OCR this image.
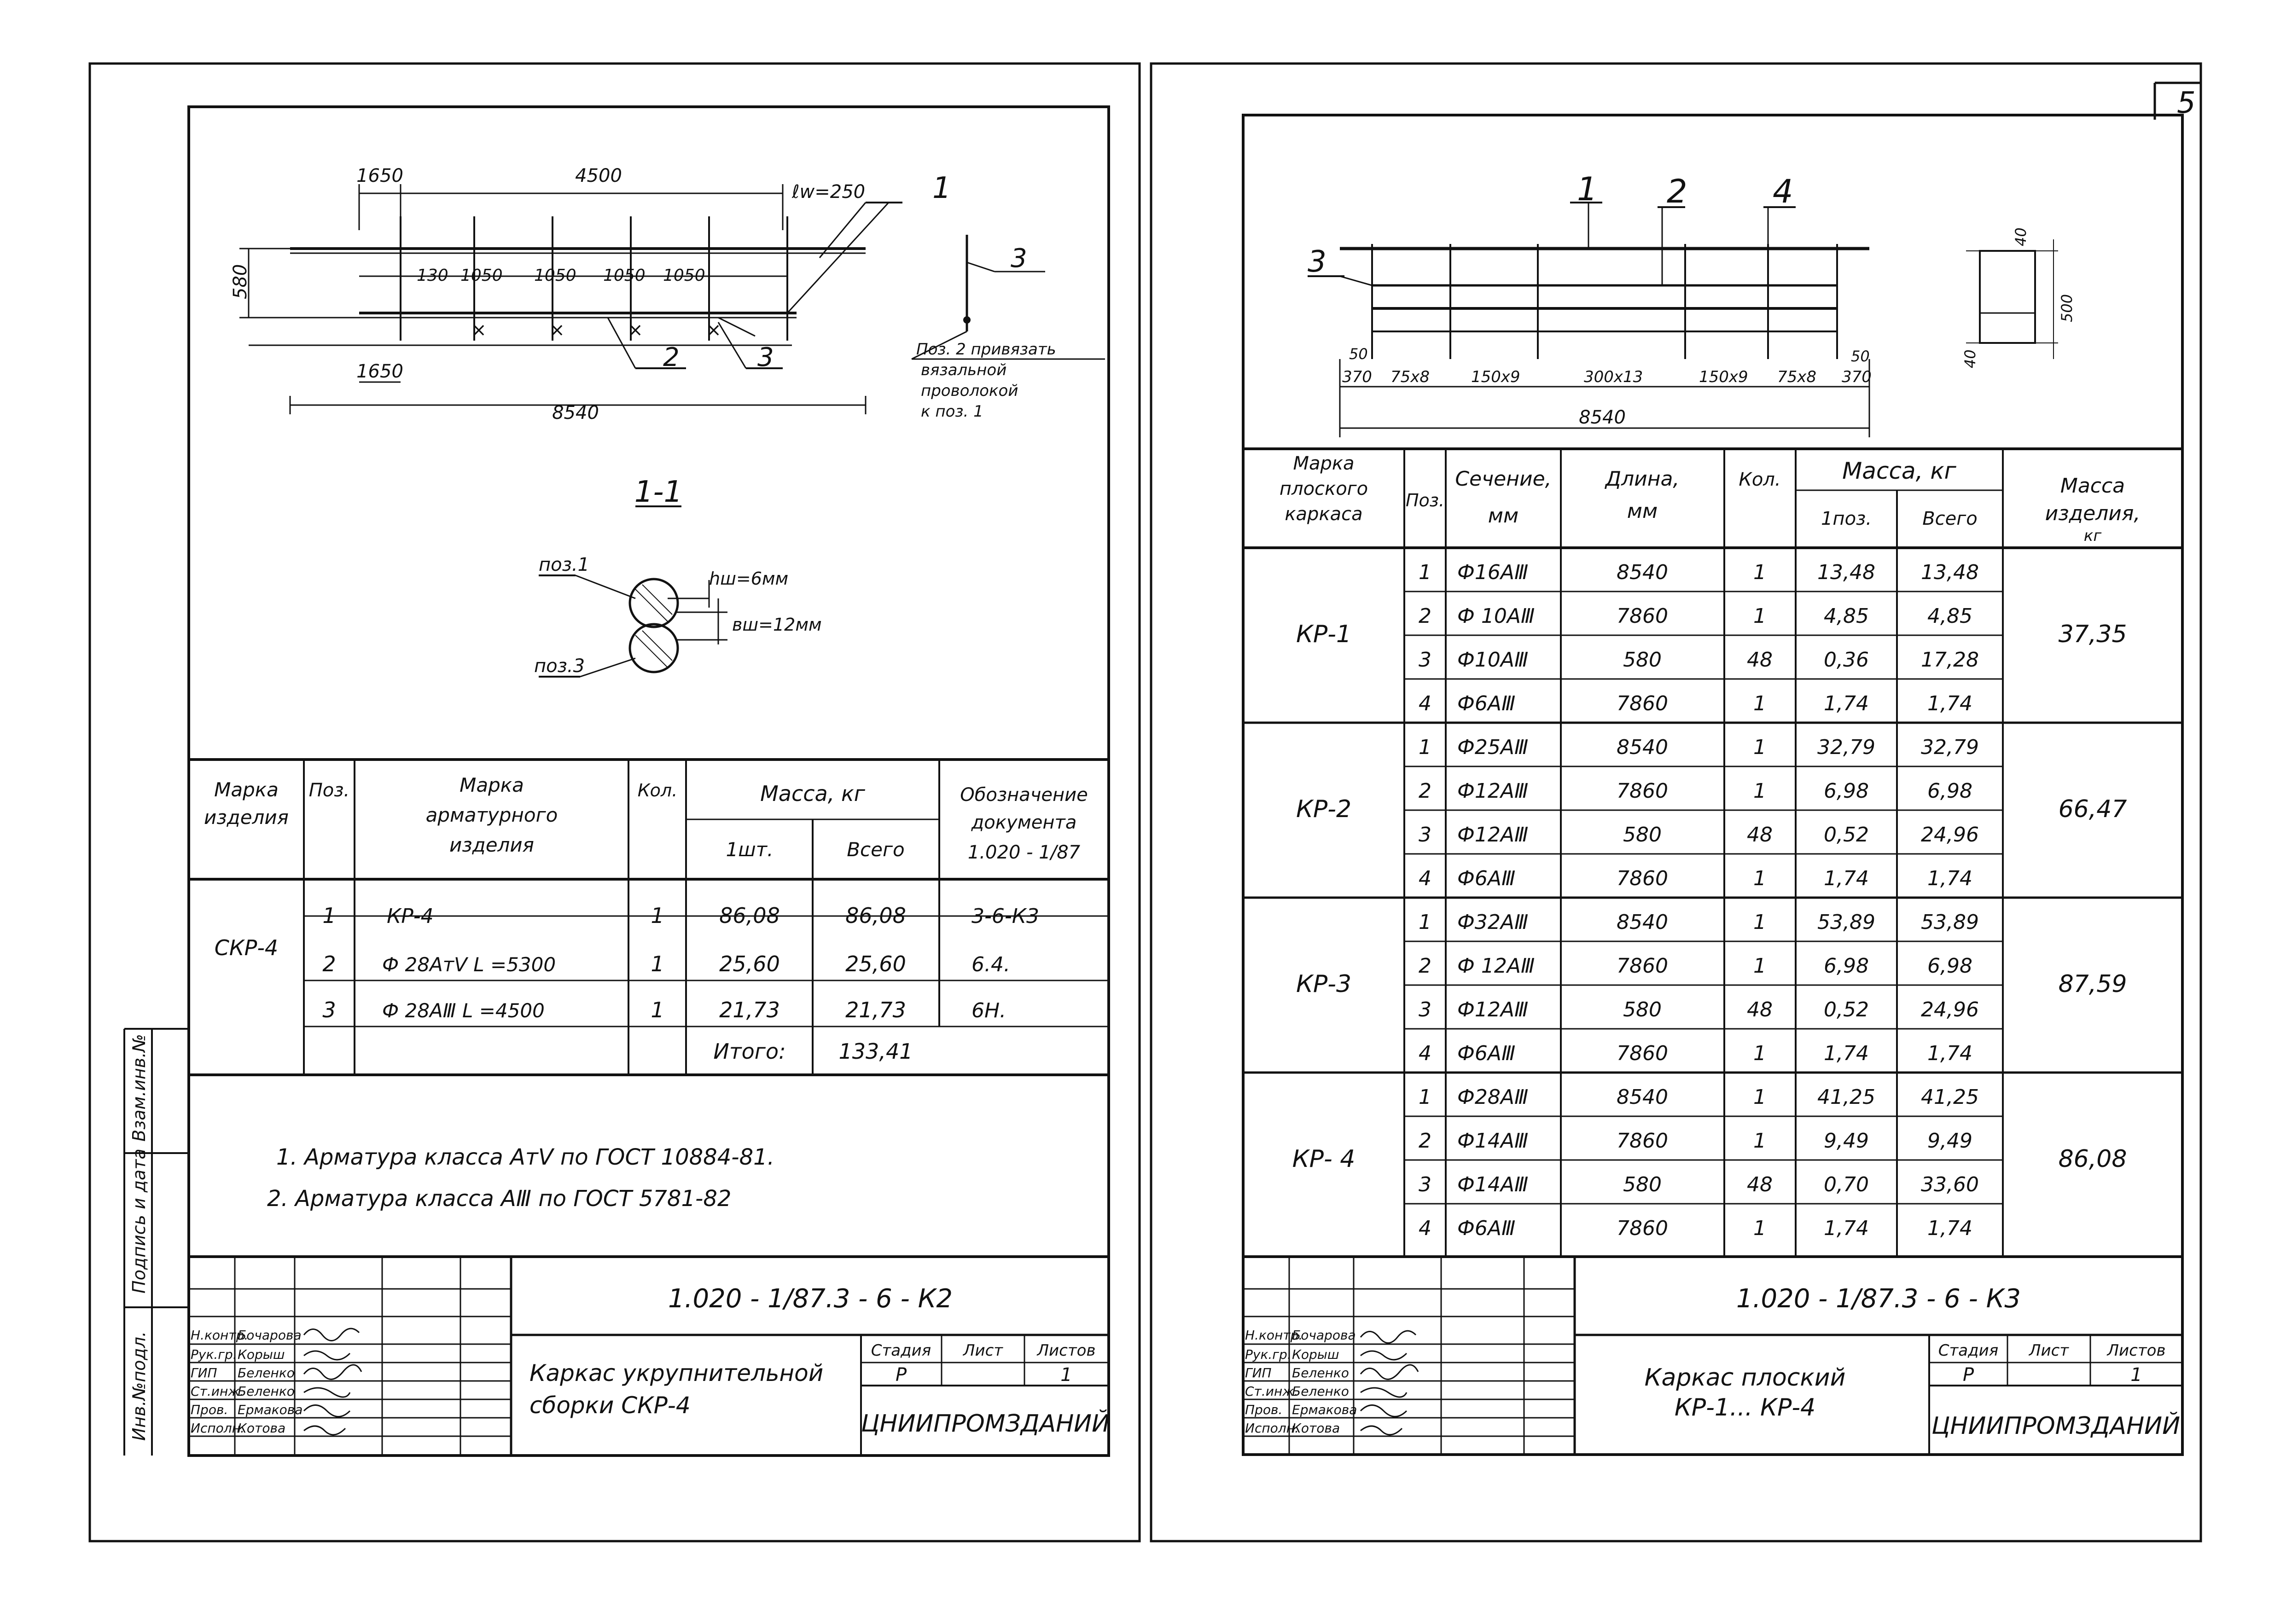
5
×	×	×	×
1650	4500
ℓw=250
130 1050 1050 1050 1050
1650
8540
580
1
2	3
3
Поз. 2 привязать
вязальной
проволокой
к поз. 1
1-1
поз.1
поз.3
hш=6мм
вш=12мм
Марка
изделия
Поз.	Марка
арматурного
изделия
Кол.	Масса, кг
1шт.	Всего
Обозначение
документа
1.020 - 1/87
СКР-4
1	КР-4	1	86,08	86,08	3-6-К3
2 Ф 28АтⅤ L =5300	1	25,60	25,60	6.4.
3 Ф 28АⅢ L =4500	1	21,73	21,73	6Н.
Итого: 133,41
1. Арматура класса АтⅤ по ГОСТ 10884-81.
2. Арматура класса АⅢ по ГОСТ 5781-82
1.020 - 1/87.3 - 6 - К2
Н.контр.
Рук.гр.
ГИП
Ст.инж.
Пров.
Исполн.
Бочарова
Корыш
Беленко
Беленко
Ермакова
Котова
Каркас укрупнительной
сборки СКР-4
Стадия Лист Листов
Р	1
ЦНИИПРОМЗДАНИЙ
Инв.№подл.
Подпись и дата
Взам.инв.№
1 2	4
3
370 75х8	150х9	300х13	150х9 75х8 370
8540
50	50
40
40
500
Марка
плоского
каркаса
Поз.
Сечение,
мм
Длина,
мм
Кол.	Масса, кг
1поз.	Всего
Масса
изделия,
кг
КР-1	37,35
1 Ф16АⅢ	8540	1	13,48 13,48
2 Ф 10АⅢ	7860	1	4,85	4,85
3 Ф10АⅢ	580	48	0,36	17,28
4 Ф6АⅢ	7860	1	1,74	1,74
КР-2	66,47
1 Ф25АⅢ	8540	1	32,79 32,79
2 Ф12АⅢ	7860	1	6,98	6,98
3 Ф12АⅢ	580	48	0,52	24,96
4 Ф6АⅢ	7860	1	1,74	1,74
КР-3	87,59
1 Ф32АⅢ	8540	1	53,89 53,89
2 Ф 12АⅢ	7860	1	6,98	6,98
3 Ф12АⅢ	580	48	0,52	24,96
4 Ф6АⅢ	7860	1	1,74	1,74
КР- 4	86,08
1 Ф28АⅢ	8540	1	41,25 41,25
2 Ф14АⅢ	7860	1	9,49	9,49
3 Ф14АⅢ	580	48	0,70	33,60
4 Ф6АⅢ	7860	1	1,74	1,74
1.020 - 1/87.3 - 6 - К3
Н.контр.
Рук.гр.
ГИП
Ст.инж.
Пров.
Исполн.
Бочарова
Корыш
Беленко
Беленко
Ермакова
Котова
Каркас плоский
КР-1... КР-4
Стадия Лист Листов
Р	1
ЦНИИПРОМЗДАНИЙ
